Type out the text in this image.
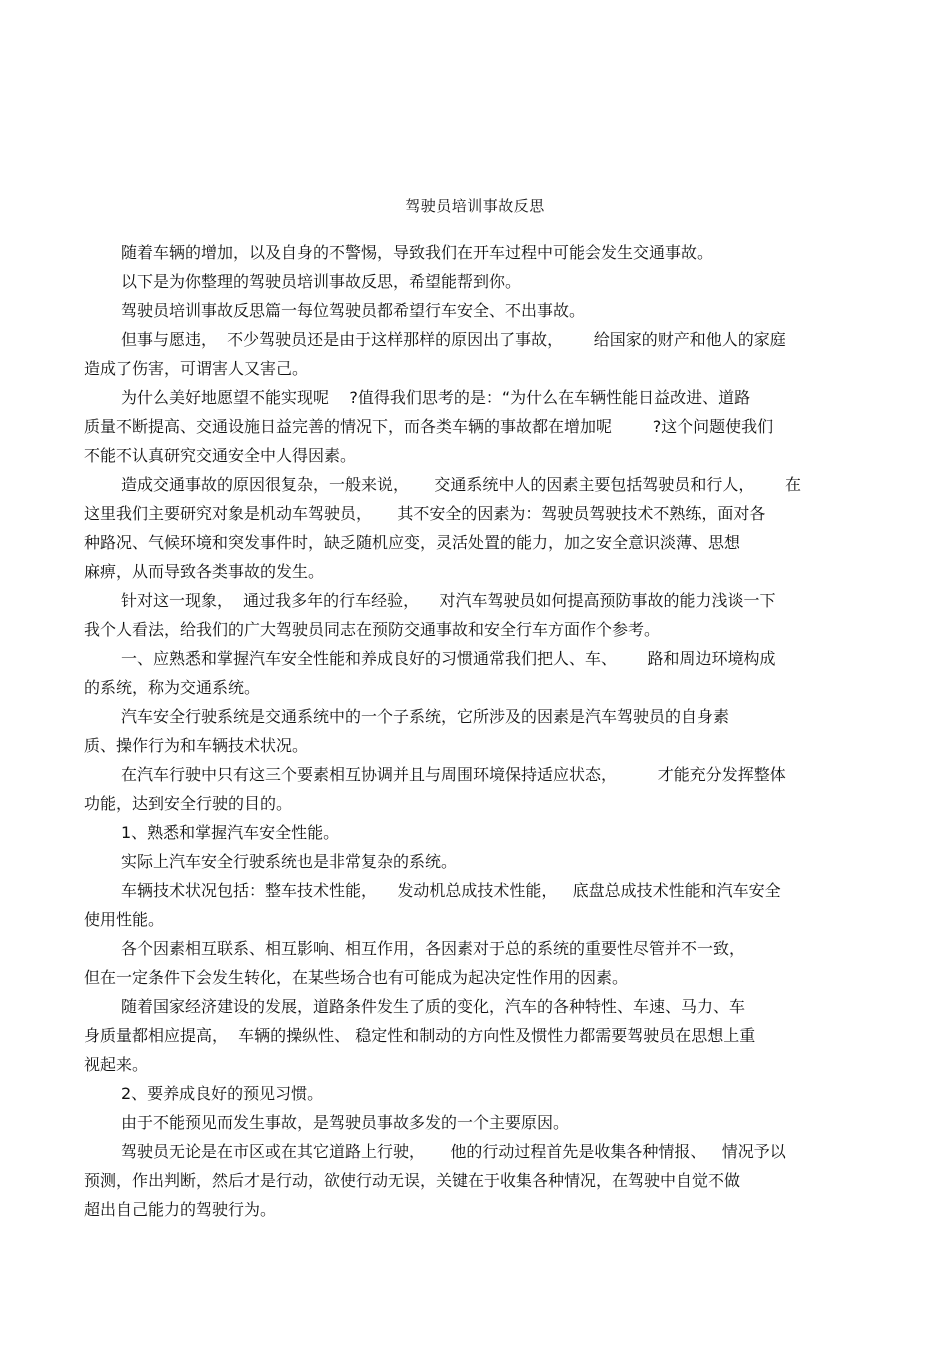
驾驶员培训事故反思
随着车辆的增加，以及自身的不警惕，导致我们在开车过程中可能会发生交通事故。
以下是为你整理的驾驶员培训事故反思，希望能帮到你。
驾驶员培训事故反思篇一每位驾驶员都希望行车安全、不出事故。
但事与愿违，  不少驾驶员还是由于这样那样的原因出了事故，      给国家的财产和他人的家庭
造成了伤害，可谓害人又害己。
为什么美好地愿望不能实现呢    ?值得我们思考的是：“为什么在车辆性能日益改进、道路
质量不断提高、交通设施日益完善的情况下，而各类车辆的事故都在增加呢        ?这个问题使我们
不能不认真研究交通安全中人得因素。
造成交通事故的原因很复杂，一般来说，     交通系统中人的因素主要包括驾驶员和行人，      在
这里我们主要研究对象是机动车驾驶员，     其不安全的因素为：驾驶员驾驶技术不熟练，面对各
种路况、气候环境和突发事件时，缺乏随机应变，灵活处置的能力，加之安全意识淡薄、思想
麻痹，从而导致各类事故的发生。
针对这一现象，  通过我多年的行车经验，    对汽车驾驶员如何提高预防事故的能力浅谈一下
我个人看法，给我们的广大驾驶员同志在预防交通事故和安全行车方面作个参考。
一、应熟悉和掌握汽车安全性能和养成良好的习惯通常我们把人、车、      路和周边环境构成
的系统，称为交通系统。
汽车安全行驶系统是交通系统中的一个子系统，它所涉及的因素是汽车驾驶员的自身素
质、操作行为和车辆技术状况。
在汽车行驶中只有这三个要素相互协调并且与周围环境保持适应状态，        才能充分发挥整体
功能，达到安全行驶的目的。
1、熟悉和掌握汽车安全性能。
实际上汽车安全行驶系统也是非常复杂的系统。
车辆技术状况包括：整车技术性能，    发动机总成技术性能，   底盘总成技术性能和汽车安全
使用性能。
各个因素相互联系、相互影响、相互作用，各因素对于总的系统的重要性尽管并不一致，
但在一定条件下会发生转化，在某些场合也有可能成为起决定性作用的因素。
随着国家经济建设的发展，道路条件发生了质的变化，汽车的各种特性、车速、马力、车
身质量都相应提高，  车辆的操纵性、 稳定性和制动的方向性及惯性力都需要驾驶员在思想上重
视起来。
2、要养成良好的预见习惯。
由于不能预见而发生事故，是驾驶员事故多发的一个主要原因。
驾驶员无论是在市区或在其它道路上行驶，     他的行动过程首先是收集各种情报、   情况予以
预测，作出判断，然后才是行动，欲使行动无误，关键在于收集各种情况，在驾驶中自觉不做
超出自己能力的驾驶行为。
